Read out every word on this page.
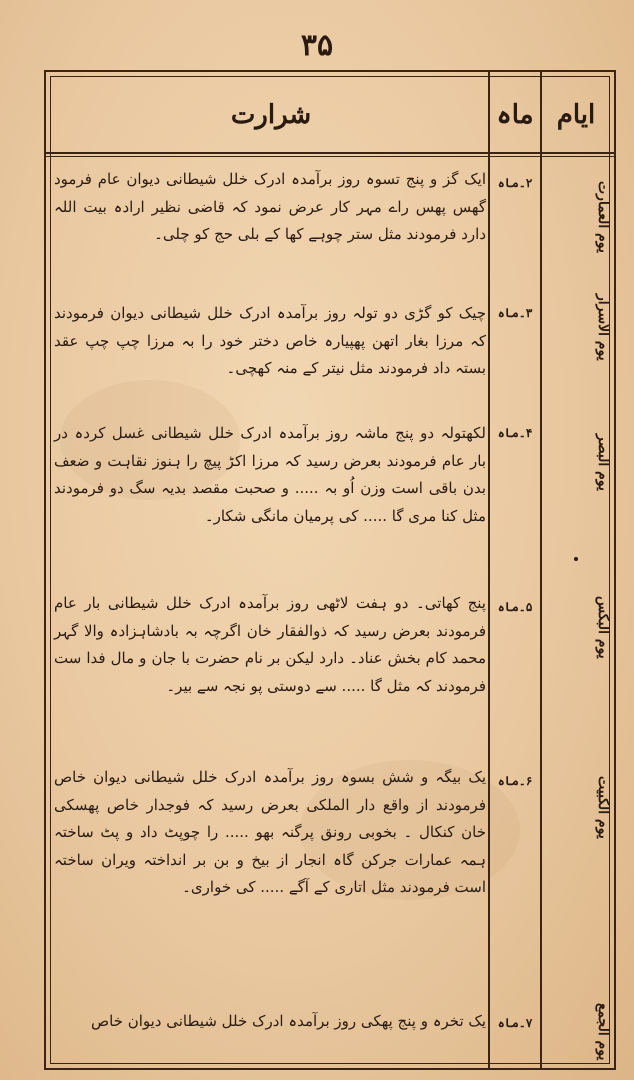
۳۵
ایام
ماہ
شرارت
یوم العمارت
۲۔ماہ

ایک گز و پنج تسوہ روز برآمدہ ادرک خلل شیطانی دیوان عام فرمود گھس پھس راے مہر کار عرض نمود کہ قاضی نظیر ارادہ بیت اللہ دارد فرمودند مثل ستر چوہے کھا کے بلی حج کو چلی۔

یوم الاسرار
۳۔ماہ

چیک کو گڑی دو تولہ روز برآمدہ ادرک خلل شیطانی دیوان فرمودند کہ مرزا بغار اتھن پھپیارہ خاص دختر خود را بہ مرزا چپ چپ عقد بستہ داد فرمودند مثل نیتر کے منہ کھچی۔

یوم البصر
۴۔ماہ

لکھتولہ دو پنج ماشہ روز برآمدہ ادرک خلل شیطانی غسل کردہ در بار عام فرمودند بعرض رسید کہ مرزا اکڑ پیچ را ہنوز نقاہت و ضعف بدن باقی است وزن اُو بہ ..... و صحبت مقصد بدیہ سگ دو فرمودند مثل کنا مری گا ..... کی پرمیان مانگی شکار۔

یوم البکس
۵۔ماہ

پنج کھاتی۔ دو ہفت لاٹھی روز برآمدہ ادرک خلل شیطانی بار عام فرمودند بعرض رسید کہ ذوالفقار خان اگرچہ بہ بادشاہزادہ والا گہر محمد کام بخش عناد۔ دارد لیکن بر نام حضرت با جان و مال فدا ست فرمودند کہ مثل گا ..... سے دوستی پو نجہ سے بیر۔

یوم الکبیت
۶۔ماہ

یک بیگہ و شش بسوہ روز برآمدہ ادرک خلل شیطانی دیوان خاص فرمودند از واقع دار الملکی بعرض رسید کہ فوجدار خاص پھسکی خان کنکال ۔ بخوبی رونق پرگنہ بھو ..... را چوپٹ داد و پٹ ساختہ ہمہ عمارات جرکن گاہ انجار از بیخ و بن بر انداختہ ویران ساختہ است فرمودند مثل اتاری کے آگے ..... کی خواری۔

یوم الجمع
۷۔ماہ

یک تخرہ و پنج پھکی روز برآمدہ ادرک خلل شیطانی دیوان خاص
